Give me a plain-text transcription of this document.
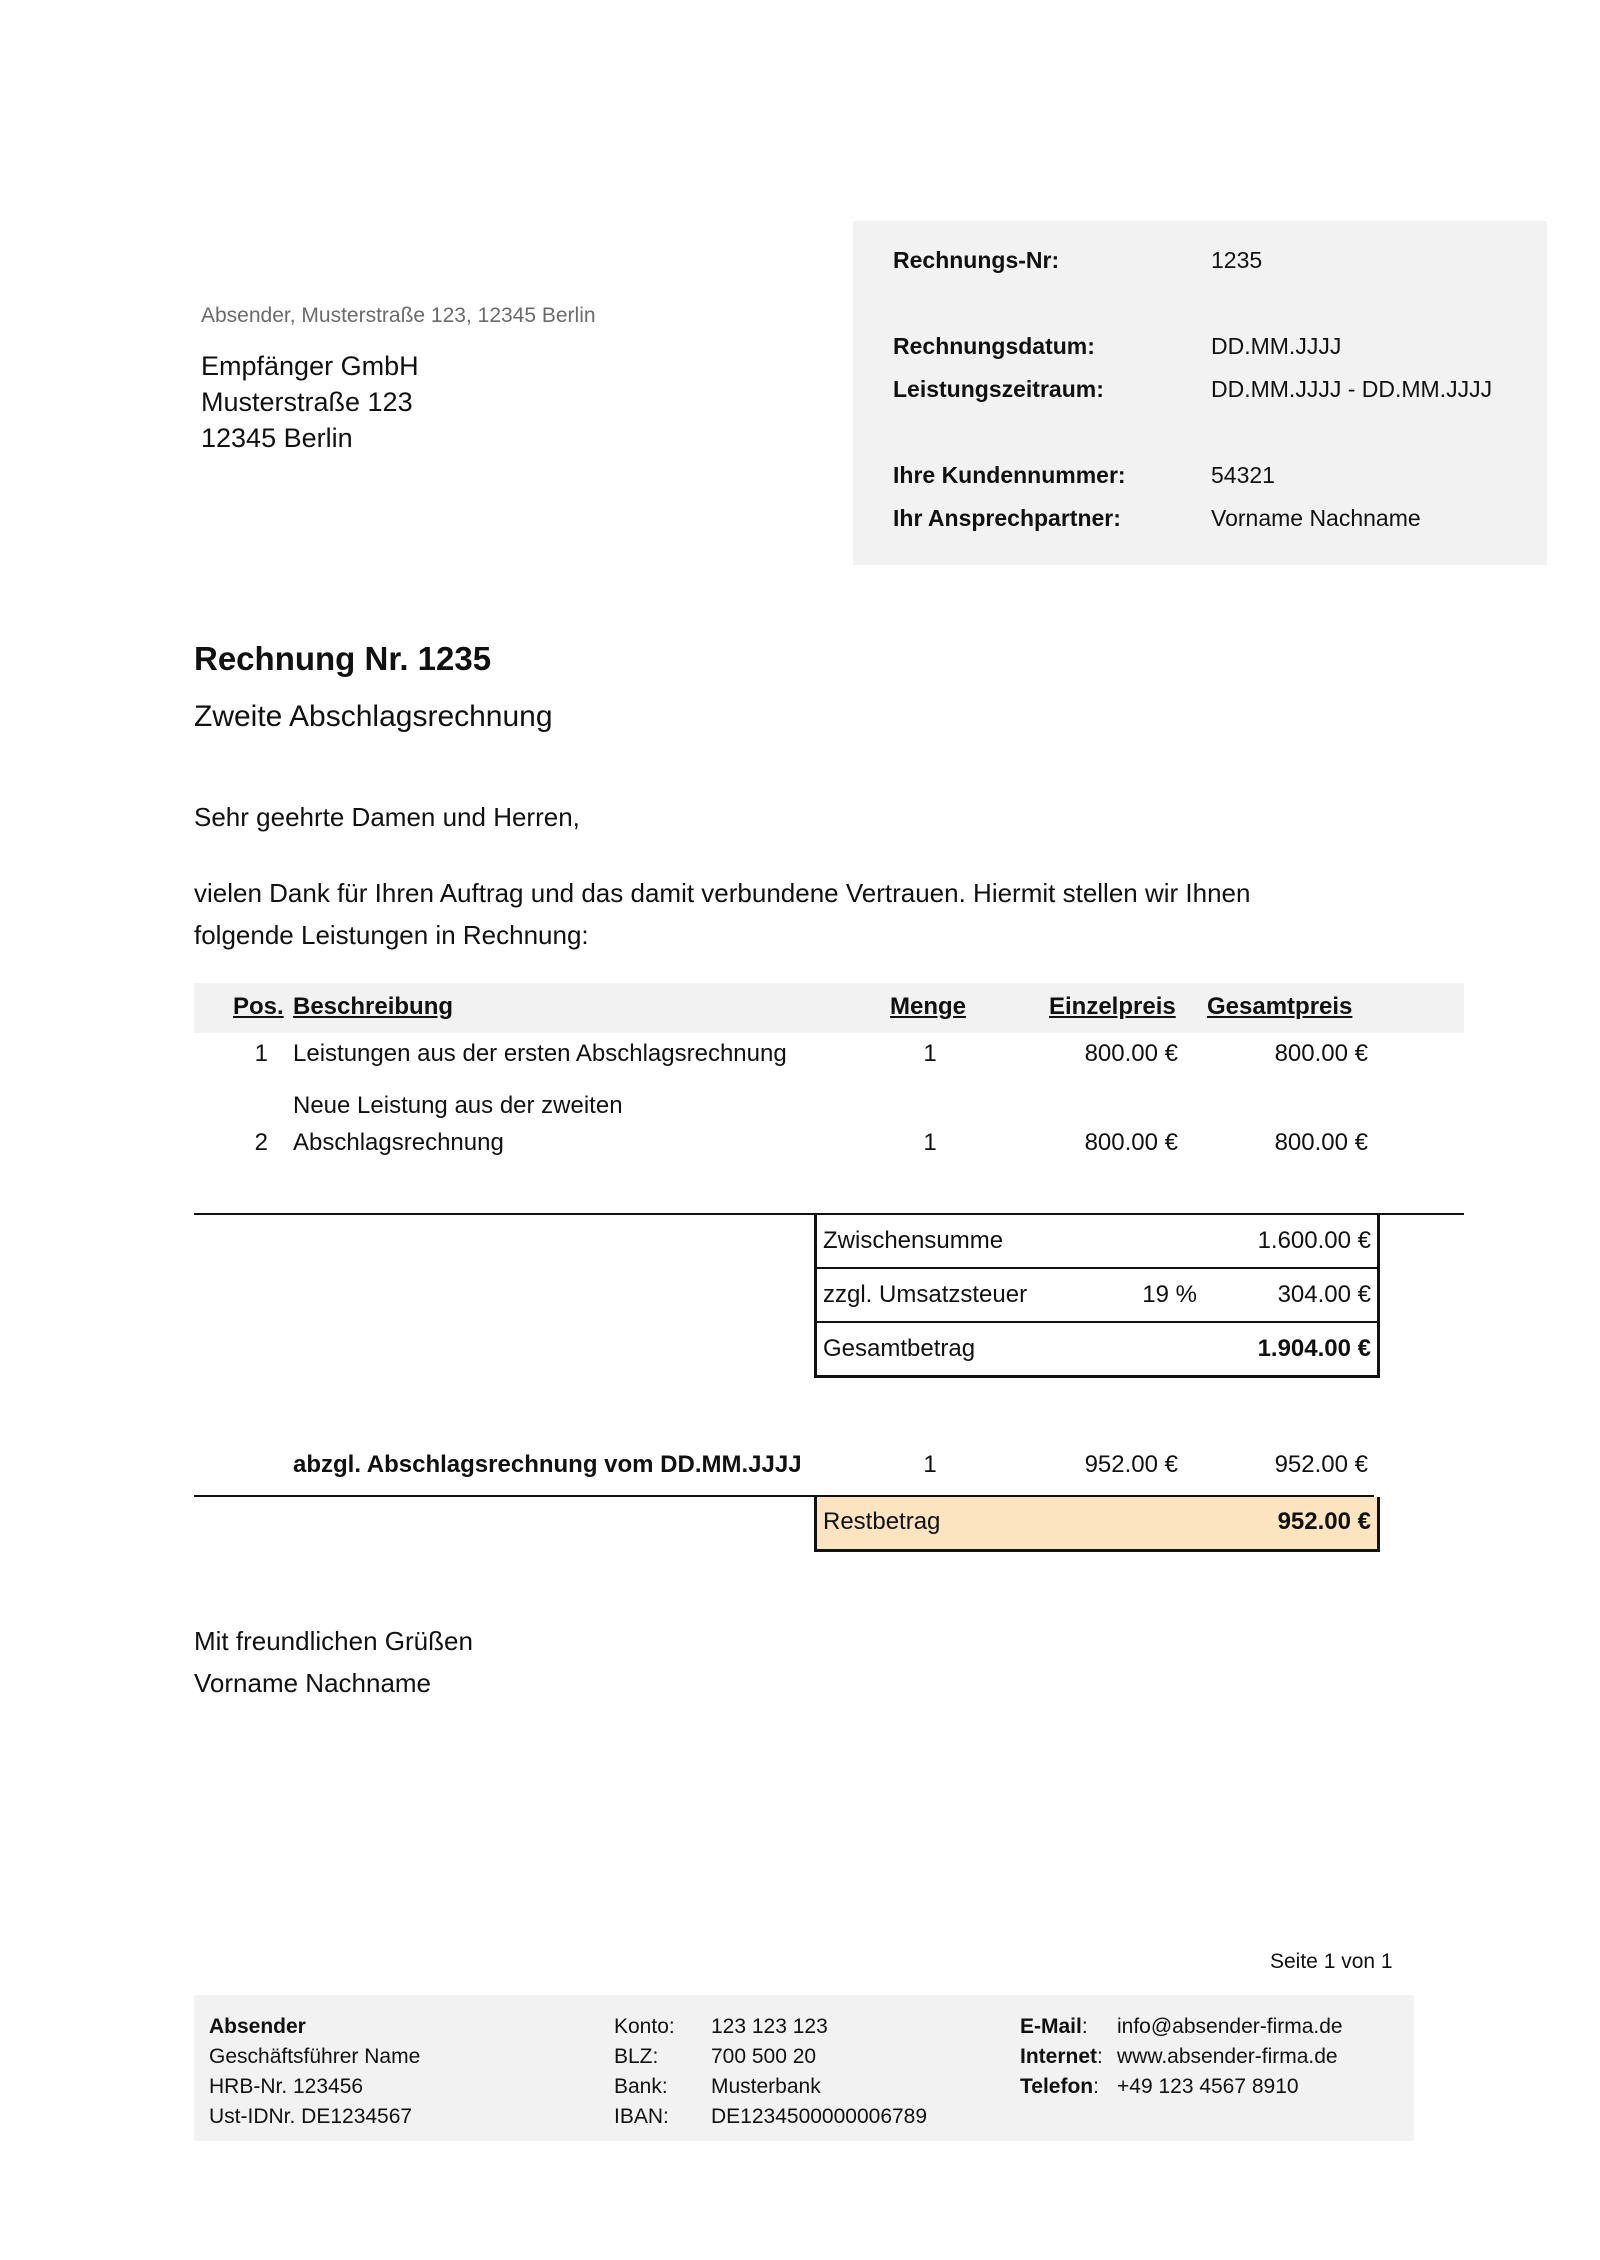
Absender, Musterstraße 123, 12345 Berlin
Empfänger GmbH
Musterstraße 123
12345 Berlin
Rechnungs-Nr:	1235
Rechnungsdatum:	DD.MM.JJJJ
Leistungszeitraum:	DD.MM.JJJJ - DD.MM.JJJJ
Ihre Kundennummer:	54321
Ihr Ansprechpartner:	Vorname Nachname
Rechnung Nr. 1235
Zweite Abschlagsrechnung
Sehr geehrte Damen und Herren,
vielen Dank für Ihren Auftrag und das damit verbundene Vertrauen. Hiermit stellen wir Ihnen
folgende Leistungen in Rechnung:
Pos. Beschreibung	Menge	Einzelpreis Gesamtpreis
1 Leistungen aus der ersten Abschlagsrechnung	1	800.00 €	800.00 €
Neue Leistung aus der zweiten
2 Abschlagsrechnung	1	800.00 €	800.00 €
Zwischensumme	1.600.00 €
zzgl. Umsatzsteuer	19 %	304.00 €
Gesamtbetrag	1.904.00 €
abzgl. Abschlagsrechnung vom DD.MM.JJJJ	1	952.00 €	952.00 €
Restbetrag	952.00 €
Mit freundlichen Grüßen
Vorname Nachname
Seite 1 von 1
Absender
Geschäftsführer Name
HRB-Nr. 123456
Ust-IDNr. DE1234567
Konto: 123 123 123
BLZ:	700 500 20
Bank: Musterbank
IBAN: DE1234500000006789
E-Mail: info@absender-firma.de
Internet: www.absender-firma.de
Telefon: +49 123 4567 8910
